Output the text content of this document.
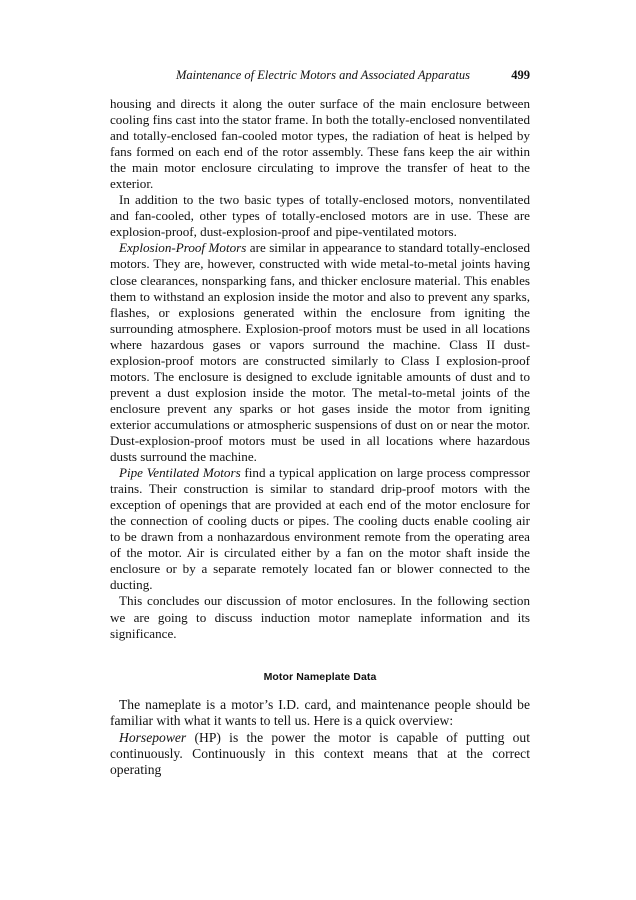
Maintenance of Electric Motors and Associated Apparatus	499

housing and directs it along the outer surface of the main enclosure between cooling fins cast into the stator frame. In both the totally-enclosed nonventilated and totally-enclosed fan-cooled motor types, the radiation of heat is helped by fans formed on each end of the rotor assembly. These fans keep the air within the main motor enclosure circulating to improve the transfer of heat to the exterior.

In addition to the two basic types of totally-enclosed motors, nonventilated and fan-cooled, other types of totally-enclosed motors are in use. These are explosion-proof, dust-explosion-proof and pipe-ventilated motors.

Explosion-Proof Motors are similar in appearance to standard totally-enclosed motors. They are, however, constructed with wide metal-to-metal joints having close clearances, nonsparking fans, and thicker enclosure material. This enables them to withstand an explosion inside the motor and also to prevent any sparks, flashes, or explosions generated within the enclosure from igniting the surrounding atmosphere. Explosion-proof motors must be used in all locations where hazardous gases or vapors surround the machine. Class II dust-explosion-proof motors are constructed similarly to Class I explosion-proof motors. The enclosure is designed to exclude ignitable amounts of dust and to prevent a dust explosion inside the motor. The metal-to-metal joints of the enclosure prevent any sparks or hot gases inside the motor from igniting exterior accumulations or atmospheric suspensions of dust on or near the motor. Dust-explosion-proof motors must be used in all locations where hazardous dusts surround the machine.

Pipe Ventilated Motors find a typical application on large process compressor trains. Their construction is similar to standard drip-proof motors with the exception of openings that are provided at each end of the motor enclosure for the connection of cooling ducts or pipes. The cooling ducts enable cooling air to be drawn from a nonhazardous environment remote from the operating area of the motor. Air is circulated either by a fan on the motor shaft inside the enclosure or by a separate remotely located fan or blower connected to the ducting.

This concludes our discussion of motor enclosures. In the following section we are going to discuss induction motor nameplate information and its significance.

Motor Nameplate Data

The nameplate is a motor’s I.D. card, and maintenance people should be familiar with what it wants to tell us. Here is a quick overview:

Horsepower (HP) is the power the motor is capable of putting out continuously. Continuously in this context means that at the correct operating
